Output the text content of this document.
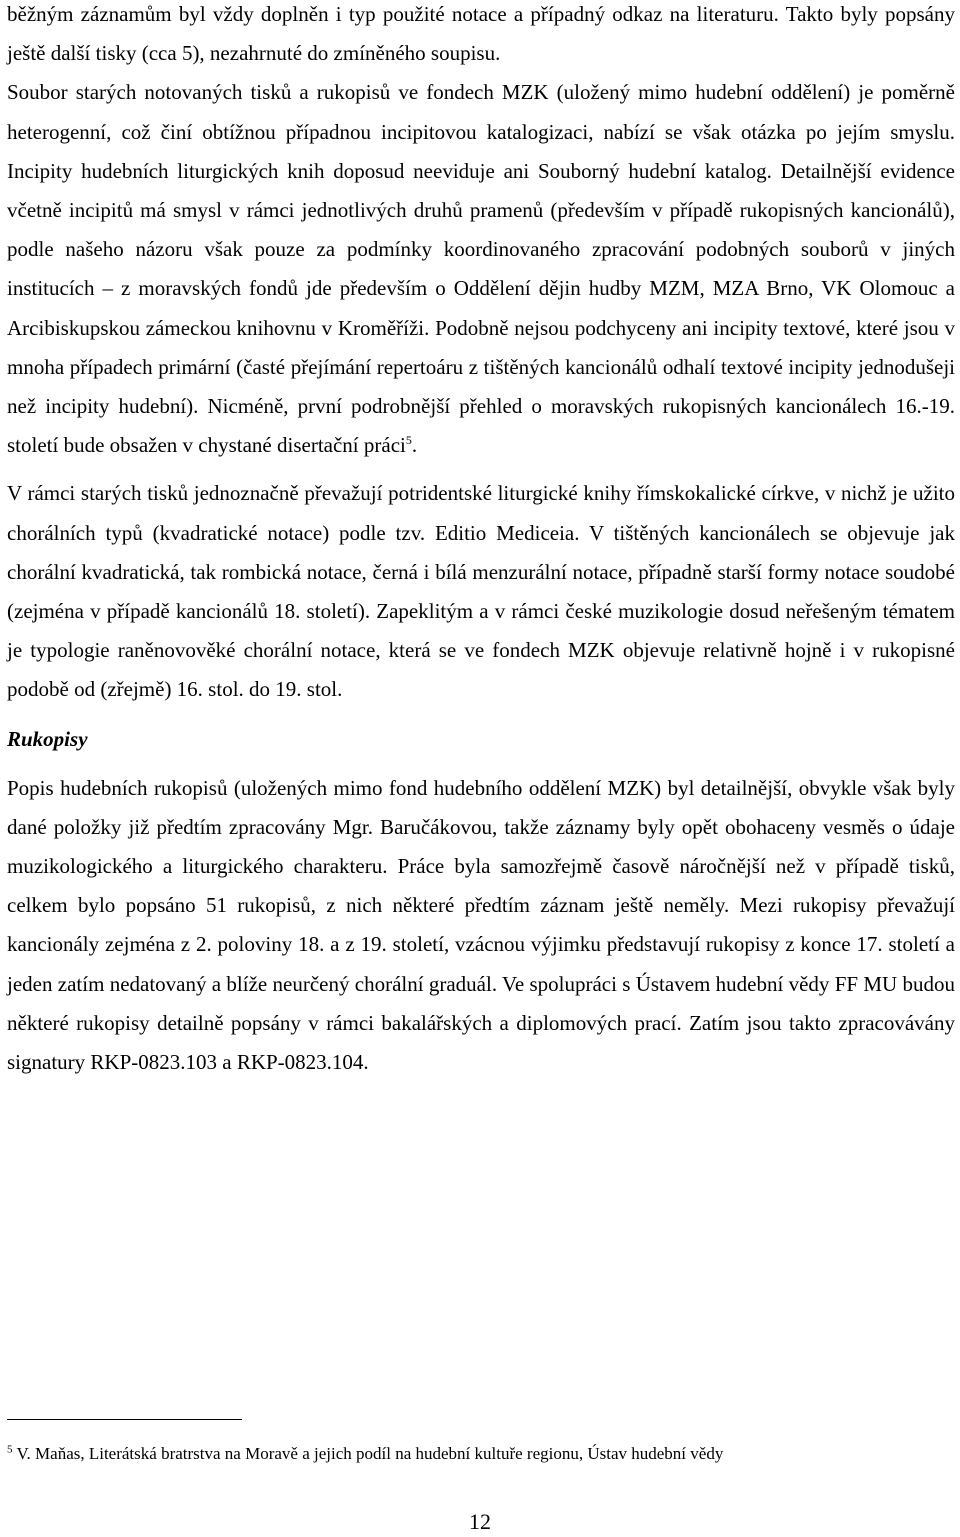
běžným záznamům byl vždy doplněn i typ použité notace a případný odkaz na literaturu. Takto byly popsány ještě další tisky (cca 5), nezahrnuté do zmíněného soupisu.

Soubor starých notovaných tisků a rukopisů ve fondech MZK (uložený mimo hudební oddělení) je poměrně heterogenní, což činí obtížnou případnou incipitovou katalogizaci, nabízí se však otázka po jejím smyslu. Incipity hudebních liturgických knih doposud neeviduje ani Souborný hudební katalog. Detailnější evidence včetně incipitů má smysl v rámci jednotlivých druhů pramenů (především v případě rukopisných kancionálů), podle našeho názoru však pouze za podmínky koordinovaného zpracování podobných souborů v jiných institucích – z moravských fondů jde především o Oddělení dějin hudby MZM, MZA Brno, VK Olomouc a Arcibiskupskou zámeckou knihovnu v Kroměříži. Podobně nejsou podchyceny ani incipity textové, které jsou v mnoha případech primární (časté přejímání repertoáru z tištěných kancionálů odhalí textové incipity jednodušeji než incipity hudební). Nicméně, první podrobnější přehled o moravských rukopisných kancionálech 16.-19. století bude obsažen v chystané disertační práci$^5$.

V rámci starých tisků jednoznačně převažují potridentské liturgické knihy římskokalické církve, v nichž je užito chorálních typů (kvadratické notace) podle tzv. Editio Mediceia. V tištěných kancionálech se objevuje jak chorální kvadratická, tak rombická notace, černá i bílá menzurální notace, případně starší formy notace soudobé (zejména v případě kancionálů 18. století). Zapeklitým a v rámci české muzikologie dosud neřešeným tématem je typologie raněnovověké chorální notace, která se ve fondech MZK objevuje relativně hojně i v rukopisné podobě od (zřejmě) 16. stol. do 19. stol.

Rukopisy

Popis hudebních rukopisů (uložených mimo fond hudebního oddělení MZK) byl detailnější, obvykle však byly dané položky již předtím zpracovány Mgr. Baručákovou, takže záznamy byly opět obohaceny vesměs o údaje muzikologického a liturgického charakteru. Práce byla samozřejmě časově náročnější než v případě tisků, celkem bylo popsáno 51 rukopisů, z nich některé předtím záznam ještě neměly. Mezi rukopisy převažují kancionály zejména z 2. poloviny 18. a z 19. století, vzácnou výjimku představují rukopisy z konce 17. století a jeden zatím nedatovaný a blíže neurčený chorální graduál. Ve spolupráci s Ústavem hudební vědy FF MU budou některé rukopisy detailně popsány v rámci bakalářských a diplomových prací. Zatím jsou takto zpracovávány signatury RKP-0823.103 a RKP-0823.104.

$^5$ V. Maňas, Literátská bratrstva na Moravě a jejich podíl na hudební kultuře regionu, Ústav hudební vědy
12
